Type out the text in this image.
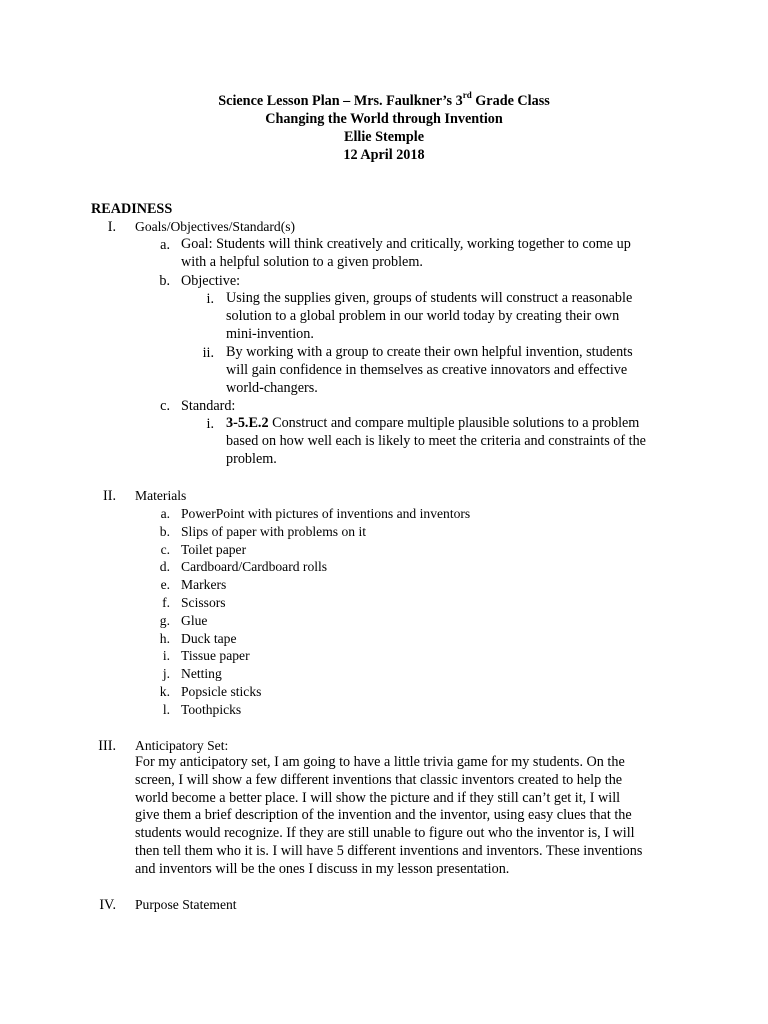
Science Lesson Plan – Mrs. Faulkner’s 3rd Grade Class
Changing the World through Invention
Ellie Stemple
12 April 2018
READINESS
I. Goals/Objectives/Standard(s)
a. Goal: Students will think creatively and critically, working together to come up
with a helpful solution to a given problem.
b. Objective:
i. Using the supplies given, groups of students will construct a reasonable
solution to a global problem in our world today by creating their own
mini-invention.
ii. By working with a group to create their own helpful invention, students
will gain confidence in themselves as creative innovators and effective
world-changers.
c. Standard:
i. 3-5.E.2 Construct and compare multiple plausible solutions to a problem
based on how well each is likely to meet the criteria and constraints of the
problem.
II. Materials
a. PowerPoint with pictures of inventions and inventors
b. Slips of paper with problems on it
c. Toilet paper
d. Cardboard/Cardboard rolls
e. Markers
f. Scissors
g. Glue
h. Duck tape
i. Tissue paper
j. Netting
k. Popsicle sticks
l. Toothpicks
III. Anticipatory Set:
For my anticipatory set, I am going to have a little trivia game for my students. On the
screen, I will show a few different inventions that classic inventors created to help the
world become a better place. I will show the picture and if they still can’t get it, I will
give them a brief description of the invention and the inventor, using easy clues that the
students would recognize. If they are still unable to figure out who the inventor is, I will
then tell them who it is. I will have 5 different inventions and inventors. These inventions
and inventors will be the ones I discuss in my lesson presentation.
IV. Purpose Statement
